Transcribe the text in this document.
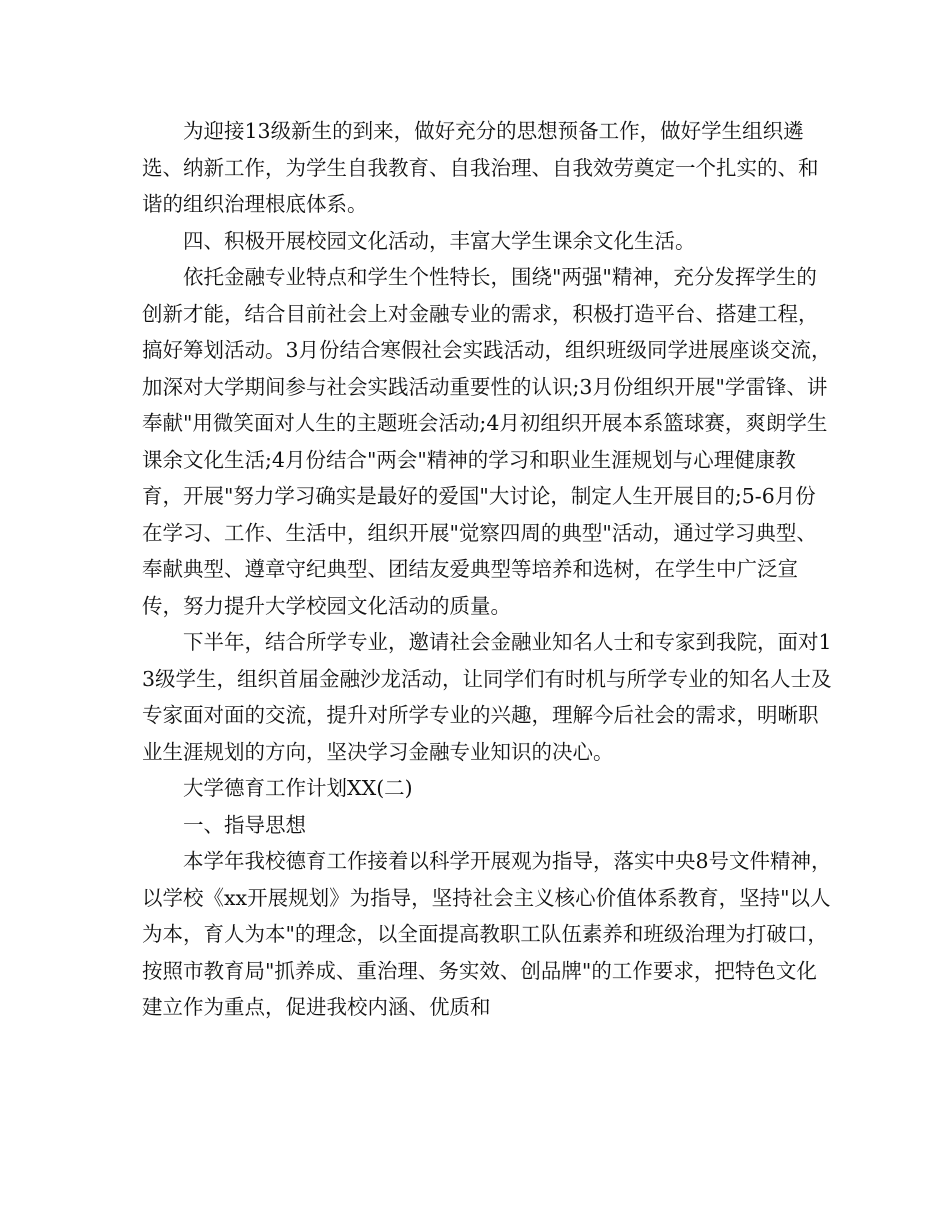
为迎接13级新生的到来，做好充分的思想预备工作，做好学生组织遴选、纳新工作，为学生自我教育、自我治理、自我效劳奠定一个扎实的、和谐的组织治理根底体系。

四、积极开展校园文化活动，丰富大学生课余文化生活。

依托金融专业特点和学生个性特长，围绕"两强"精神，充分发挥学生的创新才能，结合目前社会上对金融专业的需求，积极打造平台、搭建工程，搞好筹划活动。3月份结合寒假社会实践活动，组织班级同学进展座谈交流，加深对大学期间参与社会实践活动重要性的认识;3月份组织开展"学雷锋、讲奉献"用微笑面对人生的主题班会活动;4月初组织开展本系篮球赛，爽朗学生课余文化生活;4月份结合"两会"精神的学习和职业生涯规划与心理健康教育，开展"努力学习确实是最好的爱国"大讨论，制定人生开展目的;5-6月份在学习、工作、生活中，组织开展"觉察四周的典型"活动，通过学习典型、奉献典型、遵章守纪典型、团结友爱典型等培养和选树，在学生中广泛宣传，努力提升大学校园文化活动的质量。

下半年，结合所学专业，邀请社会金融业知名人士和专家到我院，面对13级学生，组织首届金融沙龙活动，让同学们有时机与所学专业的知名人士及专家面对面的交流，提升对所学专业的兴趣，理解今后社会的需求，明晰职业生涯规划的方向，坚决学习金融专业知识的决心。

大学德育工作计划XX(二)

一、指导思想

本学年我校德育工作接着以科学开展观为指导，落实中央8号文件精神，以学校《xx开展规划》为指导，坚持社会主义核心价值体系教育，坚持"以人为本，育人为本"的理念，以全面提高教职工队伍素养和班级治理为打破口，按照市教育局"抓养成、重治理、务实效、创品牌"的工作要求，把特色文化建立作为重点，促进我校内涵、优质和
